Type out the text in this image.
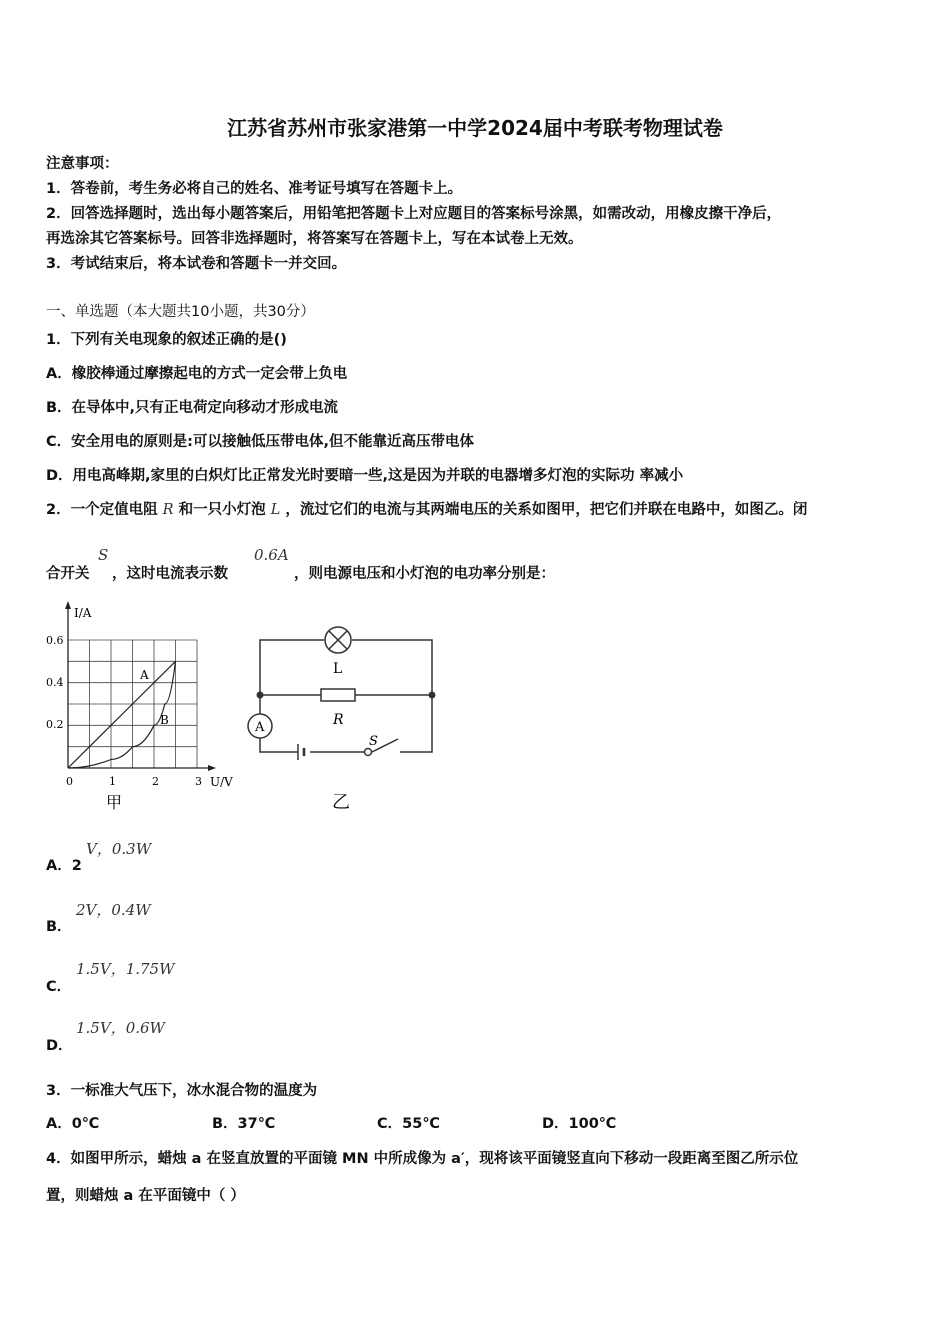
江苏省苏州市张家港第一中学2024届中考联考物理试卷
注意事项：
1．答卷前，考生务必将自己的姓名、准考证号填写在答题卡上。
2．回答选择题时，选出每小题答案后，用铅笔把答题卡上对应题目的答案标号涂黑，如需改动，用橡皮擦干净后，
再选涂其它答案标号。回答非选择题时，将答案写在答题卡上，写在本试卷上无效。
3．考试结束后，将本试卷和答题卡一并交回。
一、单选题（本大题共10小题，共30分）
1．下列有关电现象的叙述正确的是()
A．橡胶棒通过摩擦起电的方式一定会带上负电
B．在导体中,只有正电荷定向移动才形成电流
C．安全用电的原则是:可以接触低压带电体,但不能靠近高压带电体
D．用电高峰期,家里的白炽灯比正常发光时要暗一些,这是因为并联的电器增多灯泡的实际功 率减小
2．一个定值电阻 R 和一只小灯泡 L ，流过它们的电流与其两端电压的关系如图甲，把它们并联在电路中，如图乙。闭
合开关
S
，这时电流表示数
0.6A
，则电源电压和小灯泡的电功率分别是：
I/A
U/V
0.6
0.4
0.2
0	1	2	3
A
B
甲
L
R
A
S
乙
A．2
V，0.3W
B．
2V，0.4W
C．
1.5V，1.75W
D．
1.5V，0.6W
3．一标准大气压下，冰水混合物的温度为
A．0℃	B．37℃	C．55℃	D．100℃
4．如图甲所示，蜡烛 a 在竖直放置的平面镜 MN 中所成像为 a′，现将该平面镜竖直向下移动一段距离至图乙所示位
置，则蜡烛 a 在平面镜中（ ）
